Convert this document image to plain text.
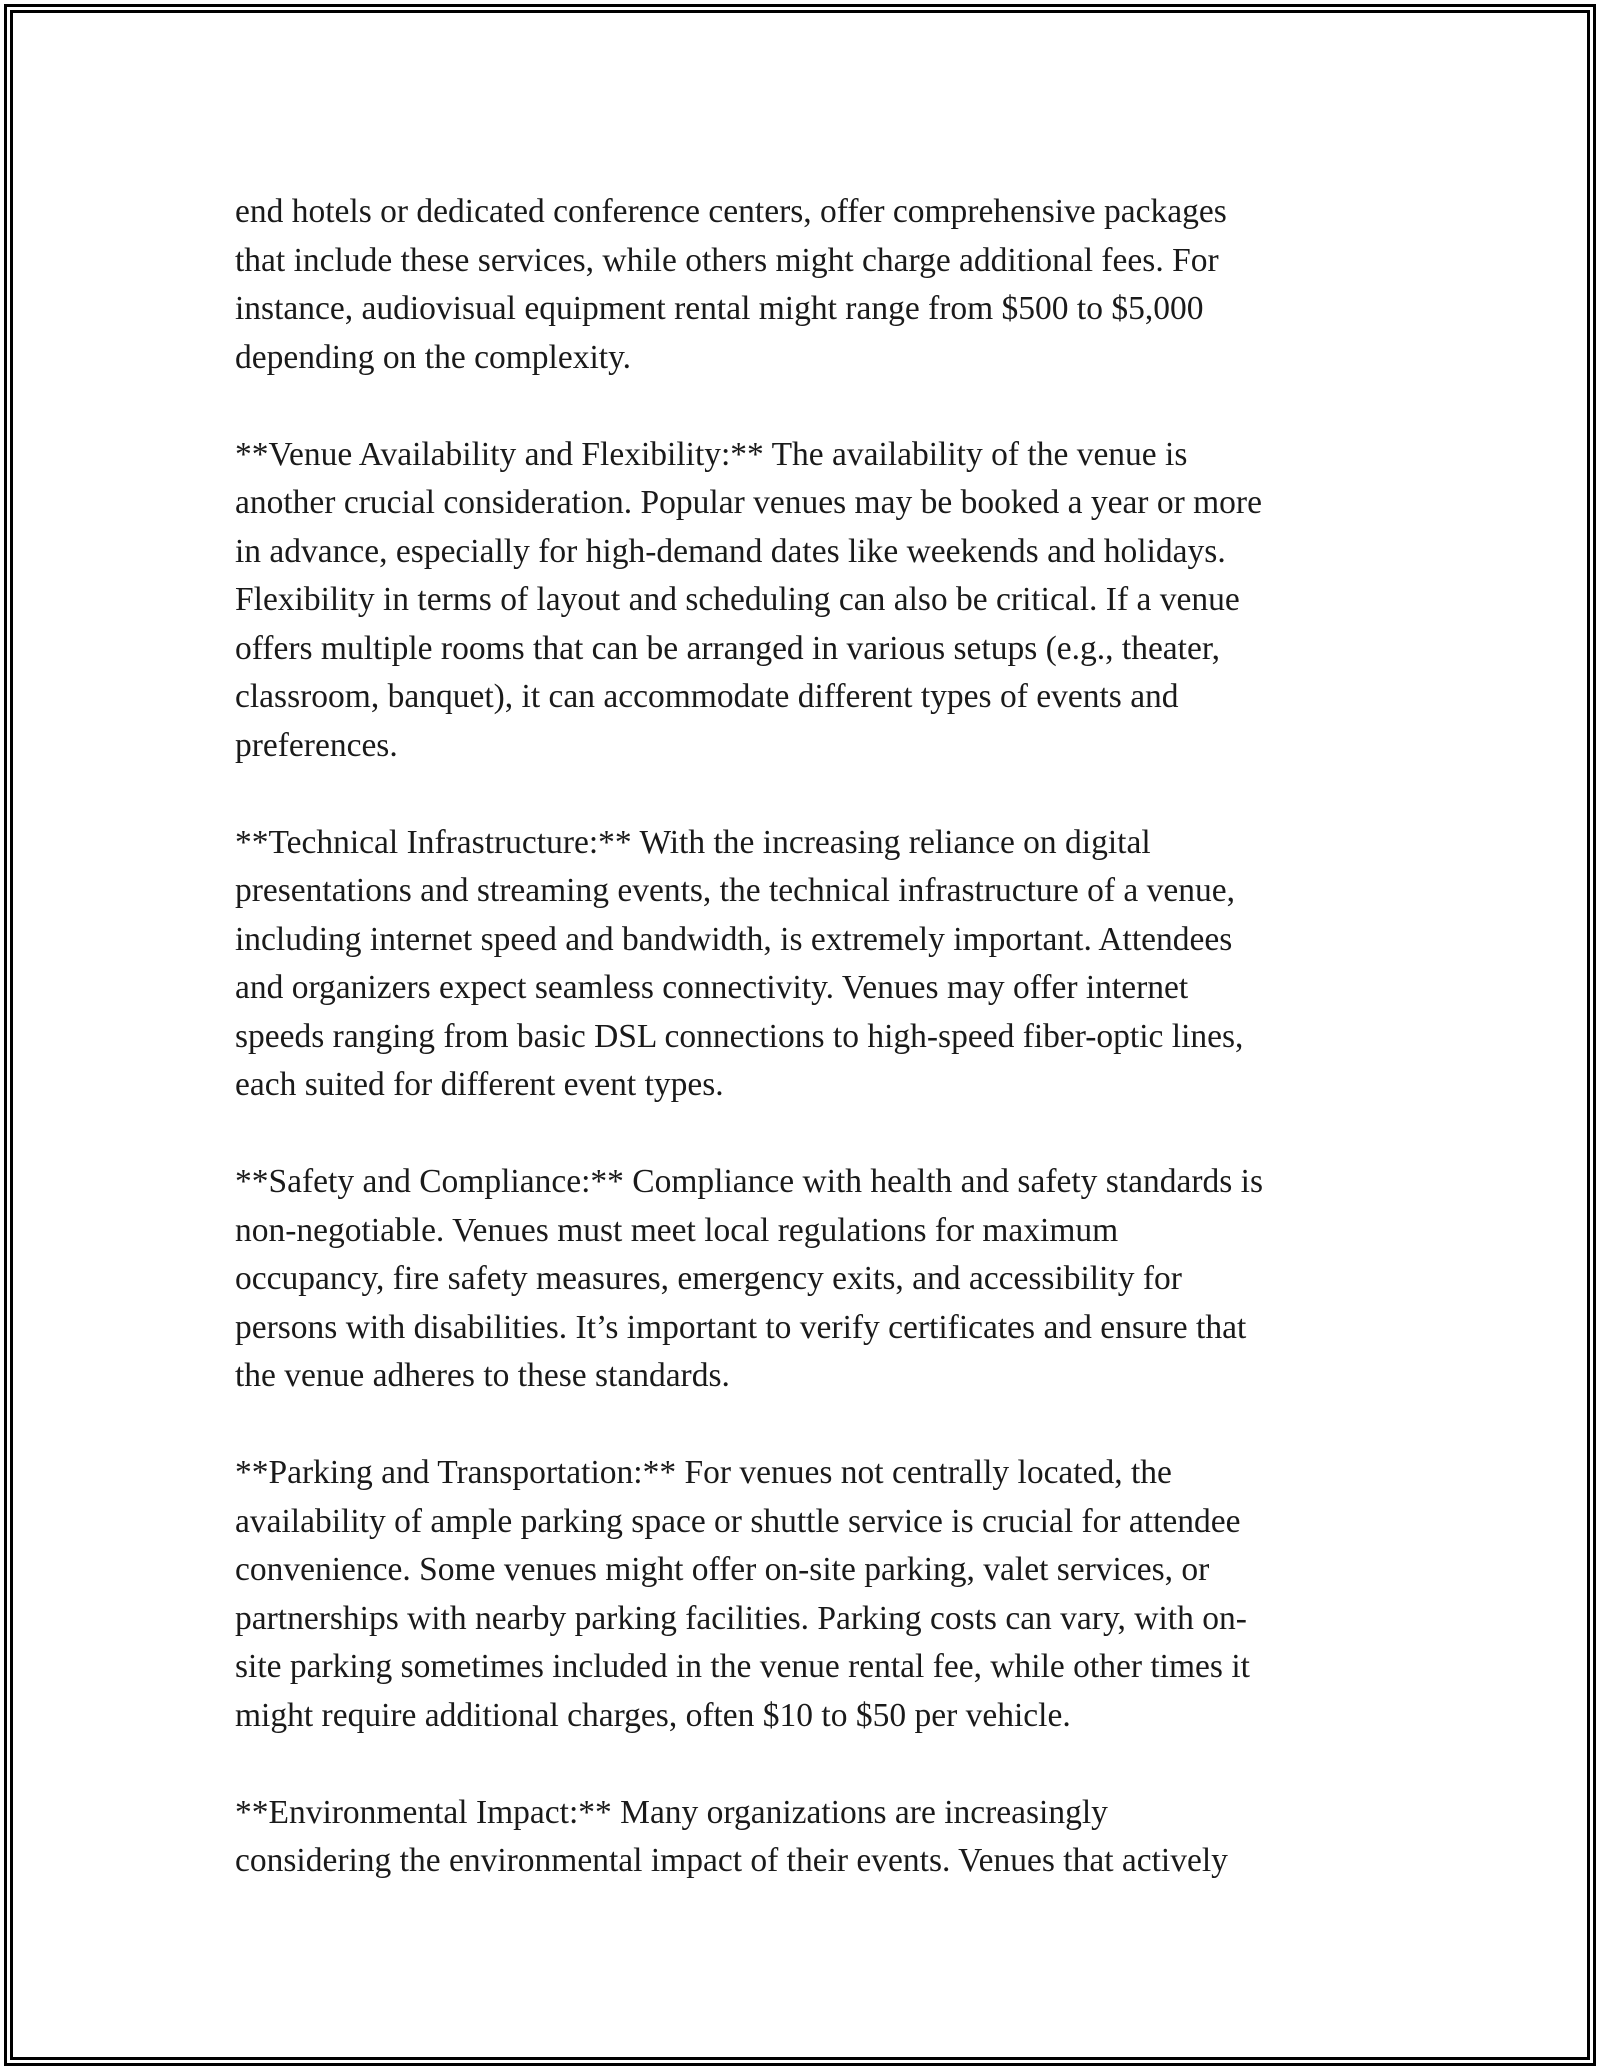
end hotels or dedicated conference centers, offer comprehensive packages
that include these services, while others might charge additional fees. For
instance, audiovisual equipment rental might range from $500 to $5,000
depending on the complexity.

**Venue Availability and Flexibility:** The availability of the venue is
another crucial consideration. Popular venues may be booked a year or more
in advance, especially for high-demand dates like weekends and holidays.
Flexibility in terms of layout and scheduling can also be critical. If a venue
offers multiple rooms that can be arranged in various setups (e.g., theater,
classroom, banquet), it can accommodate different types of events and
preferences.

**Technical Infrastructure:** With the increasing reliance on digital
presentations and streaming events, the technical infrastructure of a venue,
including internet speed and bandwidth, is extremely important. Attendees
and organizers expect seamless connectivity. Venues may offer internet
speeds ranging from basic DSL connections to high-speed fiber-optic lines,
each suited for different event types.

**Safety and Compliance:** Compliance with health and safety standards is
non-negotiable. Venues must meet local regulations for maximum
occupancy, fire safety measures, emergency exits, and accessibility for
persons with disabilities. It’s important to verify certificates and ensure that
the venue adheres to these standards.

**Parking and Transportation:** For venues not centrally located, the
availability of ample parking space or shuttle service is crucial for attendee
convenience. Some venues might offer on-site parking, valet services, or
partnerships with nearby parking facilities. Parking costs can vary, with on-
site parking sometimes included in the venue rental fee, while other times it
might require additional charges, often $10 to $50 per vehicle.

**Environmental Impact:** Many organizations are increasingly
considering the environmental impact of their events. Venues that actively
